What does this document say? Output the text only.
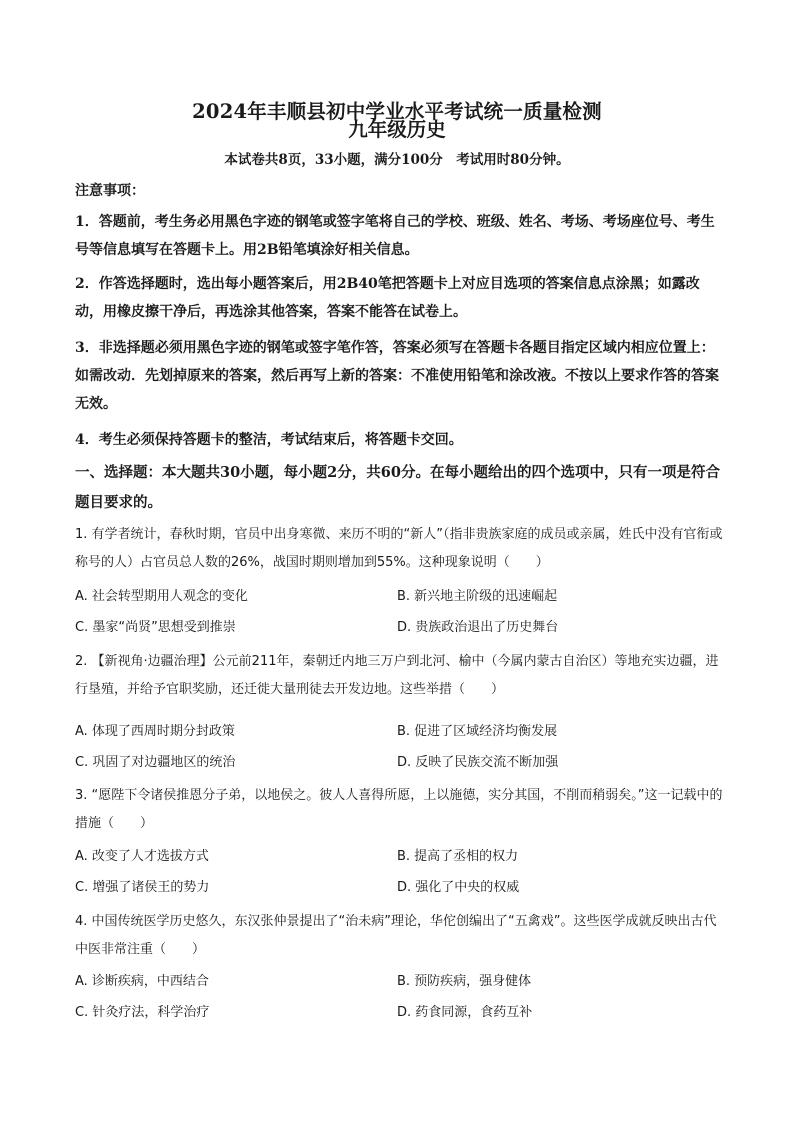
2024年丰顺县初中学业水平考试统一质量检测
九年级历史
本试卷共8页，33小题，满分100分　考试用时80分钟。
注意事项：
1．答题前，考生务必用黑色字迹的钢笔或签字笔将自己的学校、班级、姓名、考场、考场座位号、考生号等信息填写在答题卡上。用2B铅笔填涂好相关信息。
2．作答选择题时，选出每小题答案后，用2B40笔把答题卡上对应目选项的答案信息点涂黑；如露改动，用橡皮擦干净后，再选涂其他答案，答案不能答在试卷上。
3．非选择题必须用黑色字迹的钢笔或签字笔作答，答案必须写在答题卡各题目指定区域内相应位置上：如需改动．先划掉原来的答案，然后再写上新的答案：不准使用铅笔和涂改液。不按以上要求作答的答案无效。
4．考生必须保持答题卡的整洁，考试结束后，将答题卡交回。
一、选择题：本大题共30小题，每小题2分，共60分。在每小题给出的四个选项中，只有一项是符合题目要求的。
1. 有学者统计，春秋时期，官员中出身寒微、来历不明的“新人”（指非贵族家庭的成员或亲属，姓氏中没有官衔或称号的人）占官员总人数的26%，战国时期则增加到55%。这种现象说明（　　）
A. 社会转型期用人观念的变化	B. 新兴地主阶级的迅速崛起
C. 墨家“尚贤”思想受到推崇	D. 贵族政治退出了历史舞台
2. 【新视角·边疆治理】公元前211年，秦朝迁内地三万户到北河、榆中（今属内蒙古自治区）等地充实边疆，进行垦殖，并给予官职奖励，还迁徙大量刑徒去开发边地。这些举措（　　）
A. 体现了西周时期分封政策	B. 促进了区域经济均衡发展
C. 巩固了对边疆地区的统治	D. 反映了民族交流不断加强
3. “愿陛下令诸侯推恩分子弟，以地侯之。彼人人喜得所愿，上以施德，实分其国，不削而稍弱矣。”这一记载中的措施（　　）
A. 改变了人才选拔方式	B. 提高了丞相的权力
C. 增强了诸侯王的势力	D. 强化了中央的权威
4. 中国传统医学历史悠久，东汉张仲景提出了“治未病”理论，华佗创编出了“五禽戏”。这些医学成就反映出古代中医非常注重（　　）
A. 诊断疾病，中西结合	B. 预防疾病，强身健体
C. 针灸疗法，科学治疗	D. 药食同源，食药互补
